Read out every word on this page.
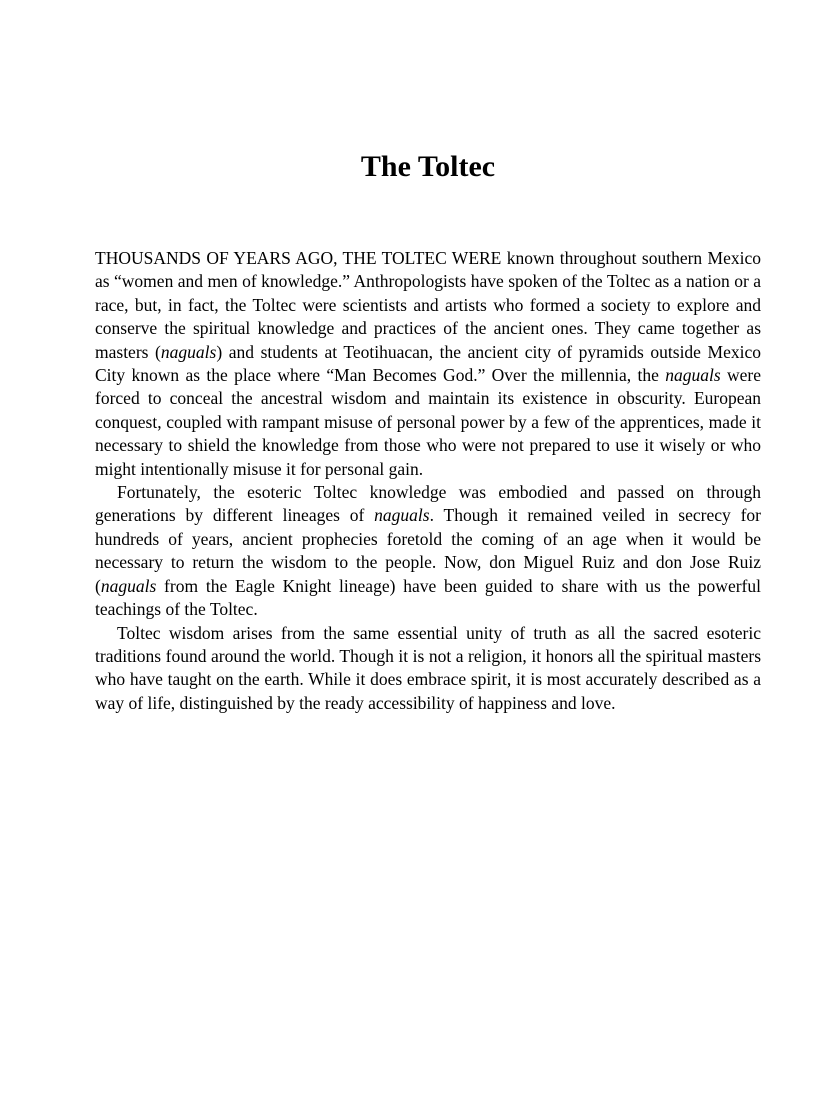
The Toltec

THOUSANDS OF YEARS AGO, THE TOLTEC WERE known throughout southern Mexico as “women and men of knowledge.” Anthropologists have spoken of the Toltec as a nation or a race, but, in fact, the Toltec were scientists and artists who formed a society to explore and conserve the spiritual knowledge and practices of the ancient ones. They came together as masters (naguals) and students at Teotihuacan, the ancient city of pyramids outside Mexico City known as the place where “Man Becomes God.” Over the millennia, the naguals were forced to conceal the ancestral wisdom and maintain its existence in obscurity. European conquest, coupled with rampant misuse of personal power by a few of the apprentices, made it necessary to shield the knowledge from those who were not prepared to use it wisely or who might intentionally misuse it for personal gain.

Fortunately, the esoteric Toltec knowledge was embodied and passed on through generations by different lineages of naguals. Though it remained veiled in secrecy for hundreds of years, ancient prophecies foretold the coming of an age when it would be necessary to return the wisdom to the people. Now, don Miguel Ruiz and don Jose Ruiz (naguals from the Eagle Knight lineage) have been guided to share with us the powerful teachings of the Toltec.

Toltec wisdom arises from the same essential unity of truth as all the sacred esoteric traditions found around the world. Though it is not a religion, it honors all the spiritual masters who have taught on the earth. While it does embrace spirit, it is most accurately described as a way of life, distinguished by the ready accessibility of happiness and love.
